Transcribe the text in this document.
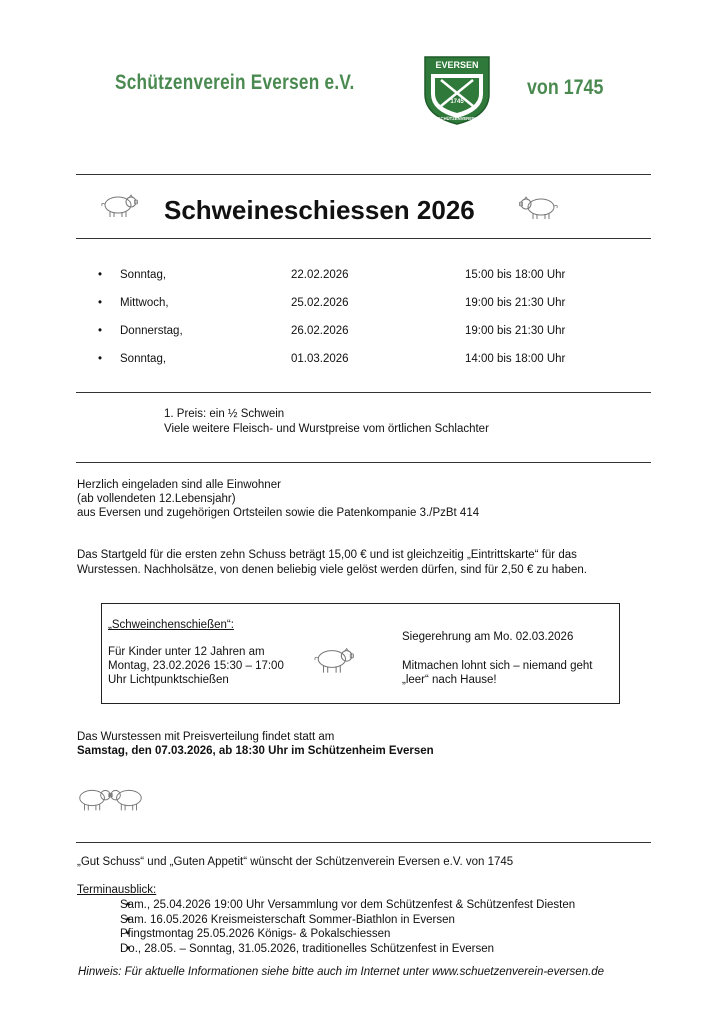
Schützenverein Eversen e.V.
EVERSEN
1745
SCHÜTZENVEREIN
von 1745
Schweineschiessen 2026
• Sonntag,	22.02.2026	15:00 bis 18:00 Uhr
• Mittwoch,	25.02.2026	19:00 bis 21:30 Uhr
• Donnerstag,	26.02.2026	19:00 bis 21:30 Uhr
• Sonntag,	01.03.2026	14:00 bis 18:00 Uhr
1. Preis: ein ½ Schwein
Viele weitere Fleisch- und Wurstpreise vom örtlichen Schlachter
Herzlich eingeladen sind alle Einwohner
(ab vollendeten 12.Lebensjahr)
aus Eversen und zugehörigen Ortsteilen sowie die Patenkompanie 3./PzBt 414
Das Startgeld für die ersten zehn Schuss beträgt 15,00 € und ist gleichzeitig „Eintrittskarte“ für das
Wurstessen. Nachholsätze, von denen beliebig viele gelöst werden dürfen, sind für 2,50 € zu haben.
„Schweinchenschießen“:
Für Kinder unter 12 Jahren am
Montag, 23.02.2026 15:30 – 17:00
Uhr Lichtpunktschießen
Siegerehrung am Mo. 02.03.2026
Mitmachen lohnt sich – niemand geht
„leer“ nach Hause!
Das Wurstessen mit Preisverteilung findet statt am
Samstag, den 07.03.2026, ab 18:30 Uhr im Schützenheim Eversen
„Gut Schuss“ und „Guten Appetit“ wünscht der Schützenverein Eversen e.V. von 1745
Terminausblick:
• Sam., 25.04.2026 19:00 Uhr Versammlung vor dem Schützenfest & Schützenfest Diesten
• Sam. 16.05.2026 Kreismeisterschaft Sommer-Biathlon in Eversen
• Pfingstmontag 25.05.2026 Königs- & Pokalschiessen
• Do., 28.05. – Sonntag, 31.05.2026, traditionelles Schützenfest in Eversen
Hinweis: Für aktuelle Informationen siehe bitte auch im Internet unter www.schuetzenverein-eversen.de
